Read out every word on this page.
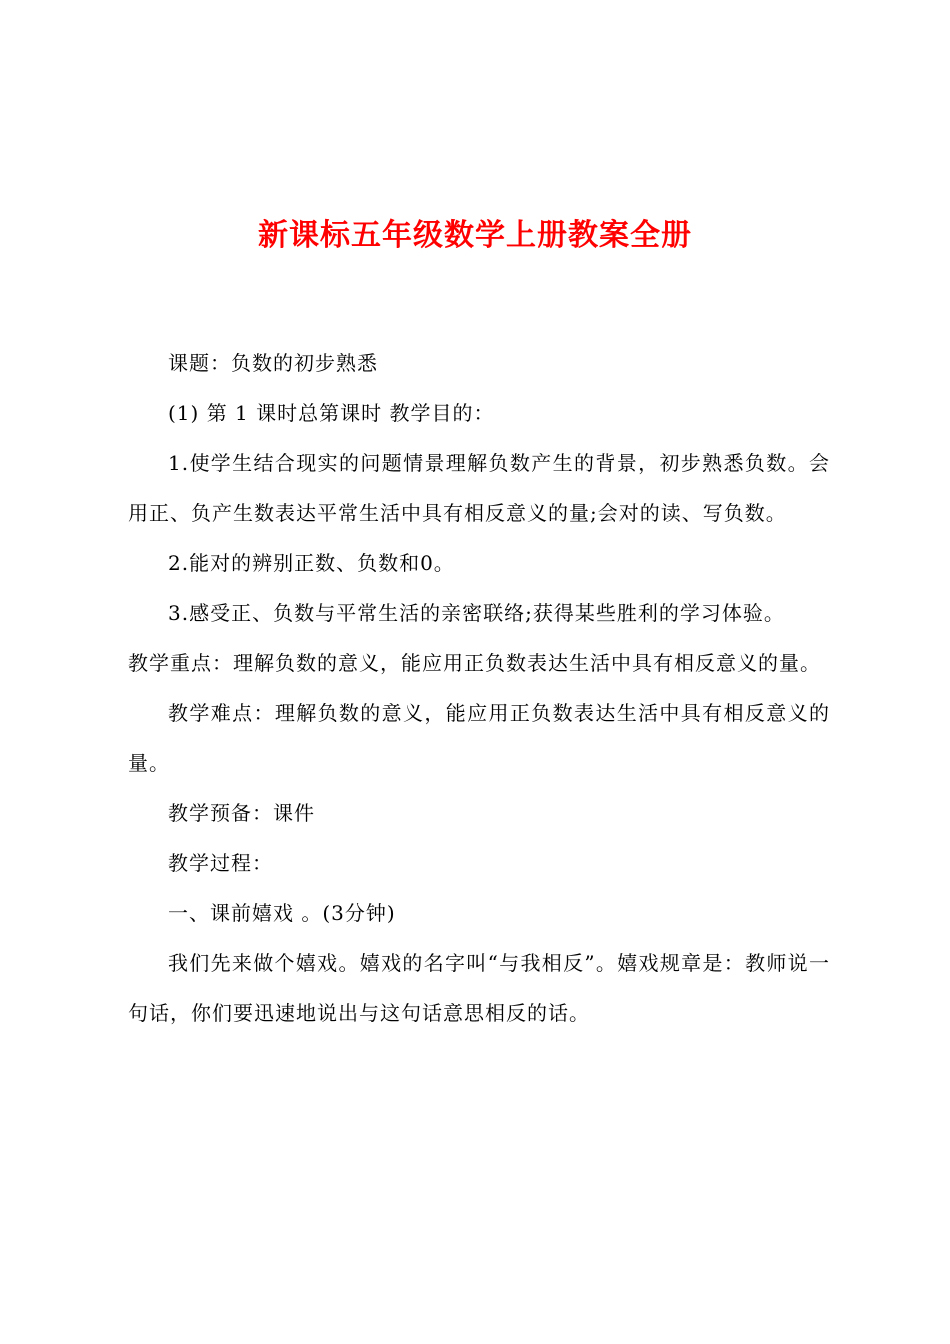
新课标五年级数学上册教案全册

课题：负数的初步熟悉

(1) 第 1 课时总第课时 教学目的：

1.使学生结合现实的问题情景理解负数产生的背景，初步熟悉负数。会用正、负产生数表达平常生活中具有相反意义的量;会对的读、写负数。

2.能对的辨别正数、负数和0。

3.感受正、负数与平常生活的亲密联络;获得某些胜利的学习体验。

教学重点：理解负数的意义，能应用正负数表达生活中具有相反意义的量。

教学难点：理解负数的意义，能应用正负数表达生活中具有相反意义的量。

教学预备：课件

教学过程：

一、课前嬉戏 。(3分钟)

我们先来做个嬉戏。嬉戏的名字叫“与我相反”。嬉戏规章是：教师说一句话，你们要迅速地说出与这句话意思相反的话。
